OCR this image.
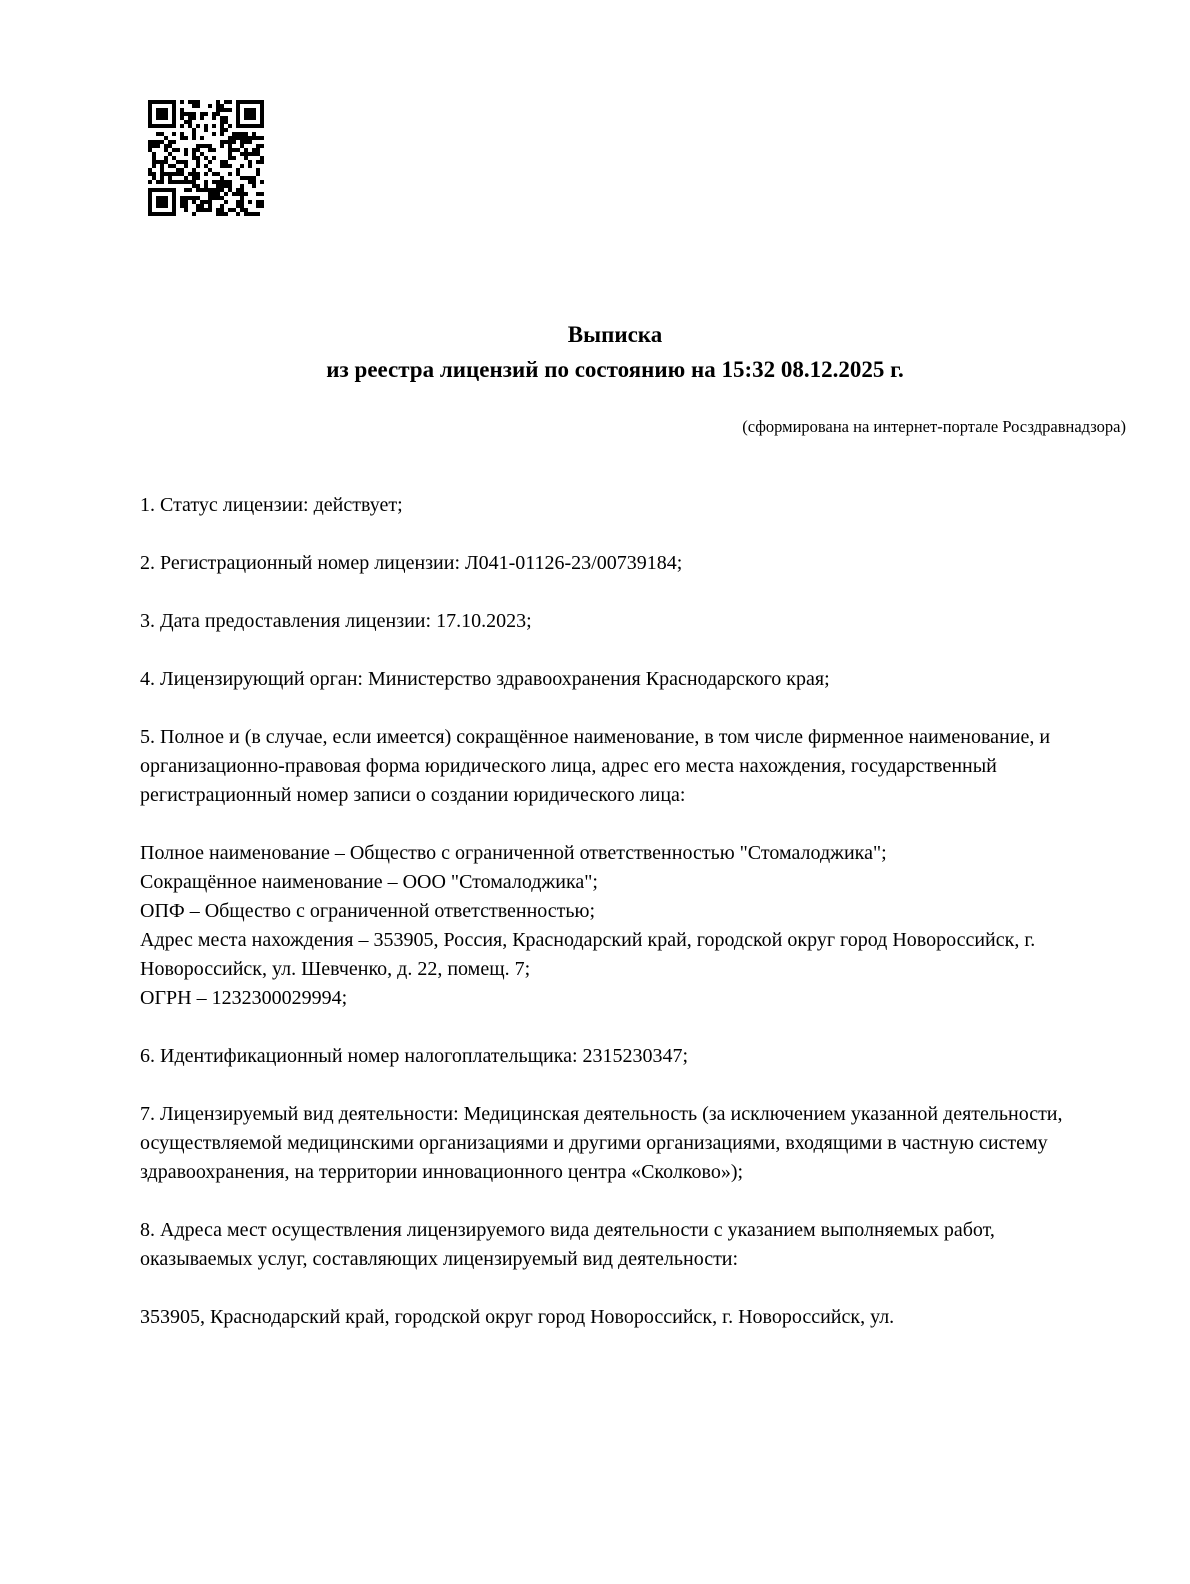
Выписка
из реестра лицензий по состоянию на 15:32 08.12.2025 г.
(сформирована на интернет-портале Росздравнадзора)

1. Статус лицензии: действует;

2. Регистрационный номер лицензии: Л041-01126-23/00739184;

3. Дата предоставления лицензии: 17.10.2023;

4. Лицензирующий орган: Министерство здравоохранения Краснодарского края;

5. Полное и (в случае, если имеется) сокращённое наименование, в том числе фирменное наименование, и организационно-правовая форма юридического лица, адрес его места нахождения, государственный регистрационный номер записи о создании юридического лица:

Полное наименование – Общество с ограниченной ответственностью "Стомалоджика";

Сокращённое наименование – ООО "Стомалоджика";

ОПФ – Общество с ограниченной ответственностью;

Адрес места нахождения – 353905, Россия, Краснодарский край, городской округ город Новороссийск, г. Новороссийск, ул. Шевченко, д. 22, помещ. 7;

ОГРН – 1232300029994;

6. Идентификационный номер налогоплательщика: 2315230347;

7. Лицензируемый вид деятельности: Медицинская деятельность (за исключением указанной деятельности, осуществляемой медицинскими организациями и другими организациями, входящими в частную систему здравоохранения, на территории инновационного центра «Сколково»);

8. Адреса мест осуществления лицензируемого вида деятельности с указанием выполняемых работ, оказываемых услуг, составляющих лицензируемый вид деятельности:

353905, Краснодарский край, городской округ город Новороссийск, г. Новороссийск, ул.
